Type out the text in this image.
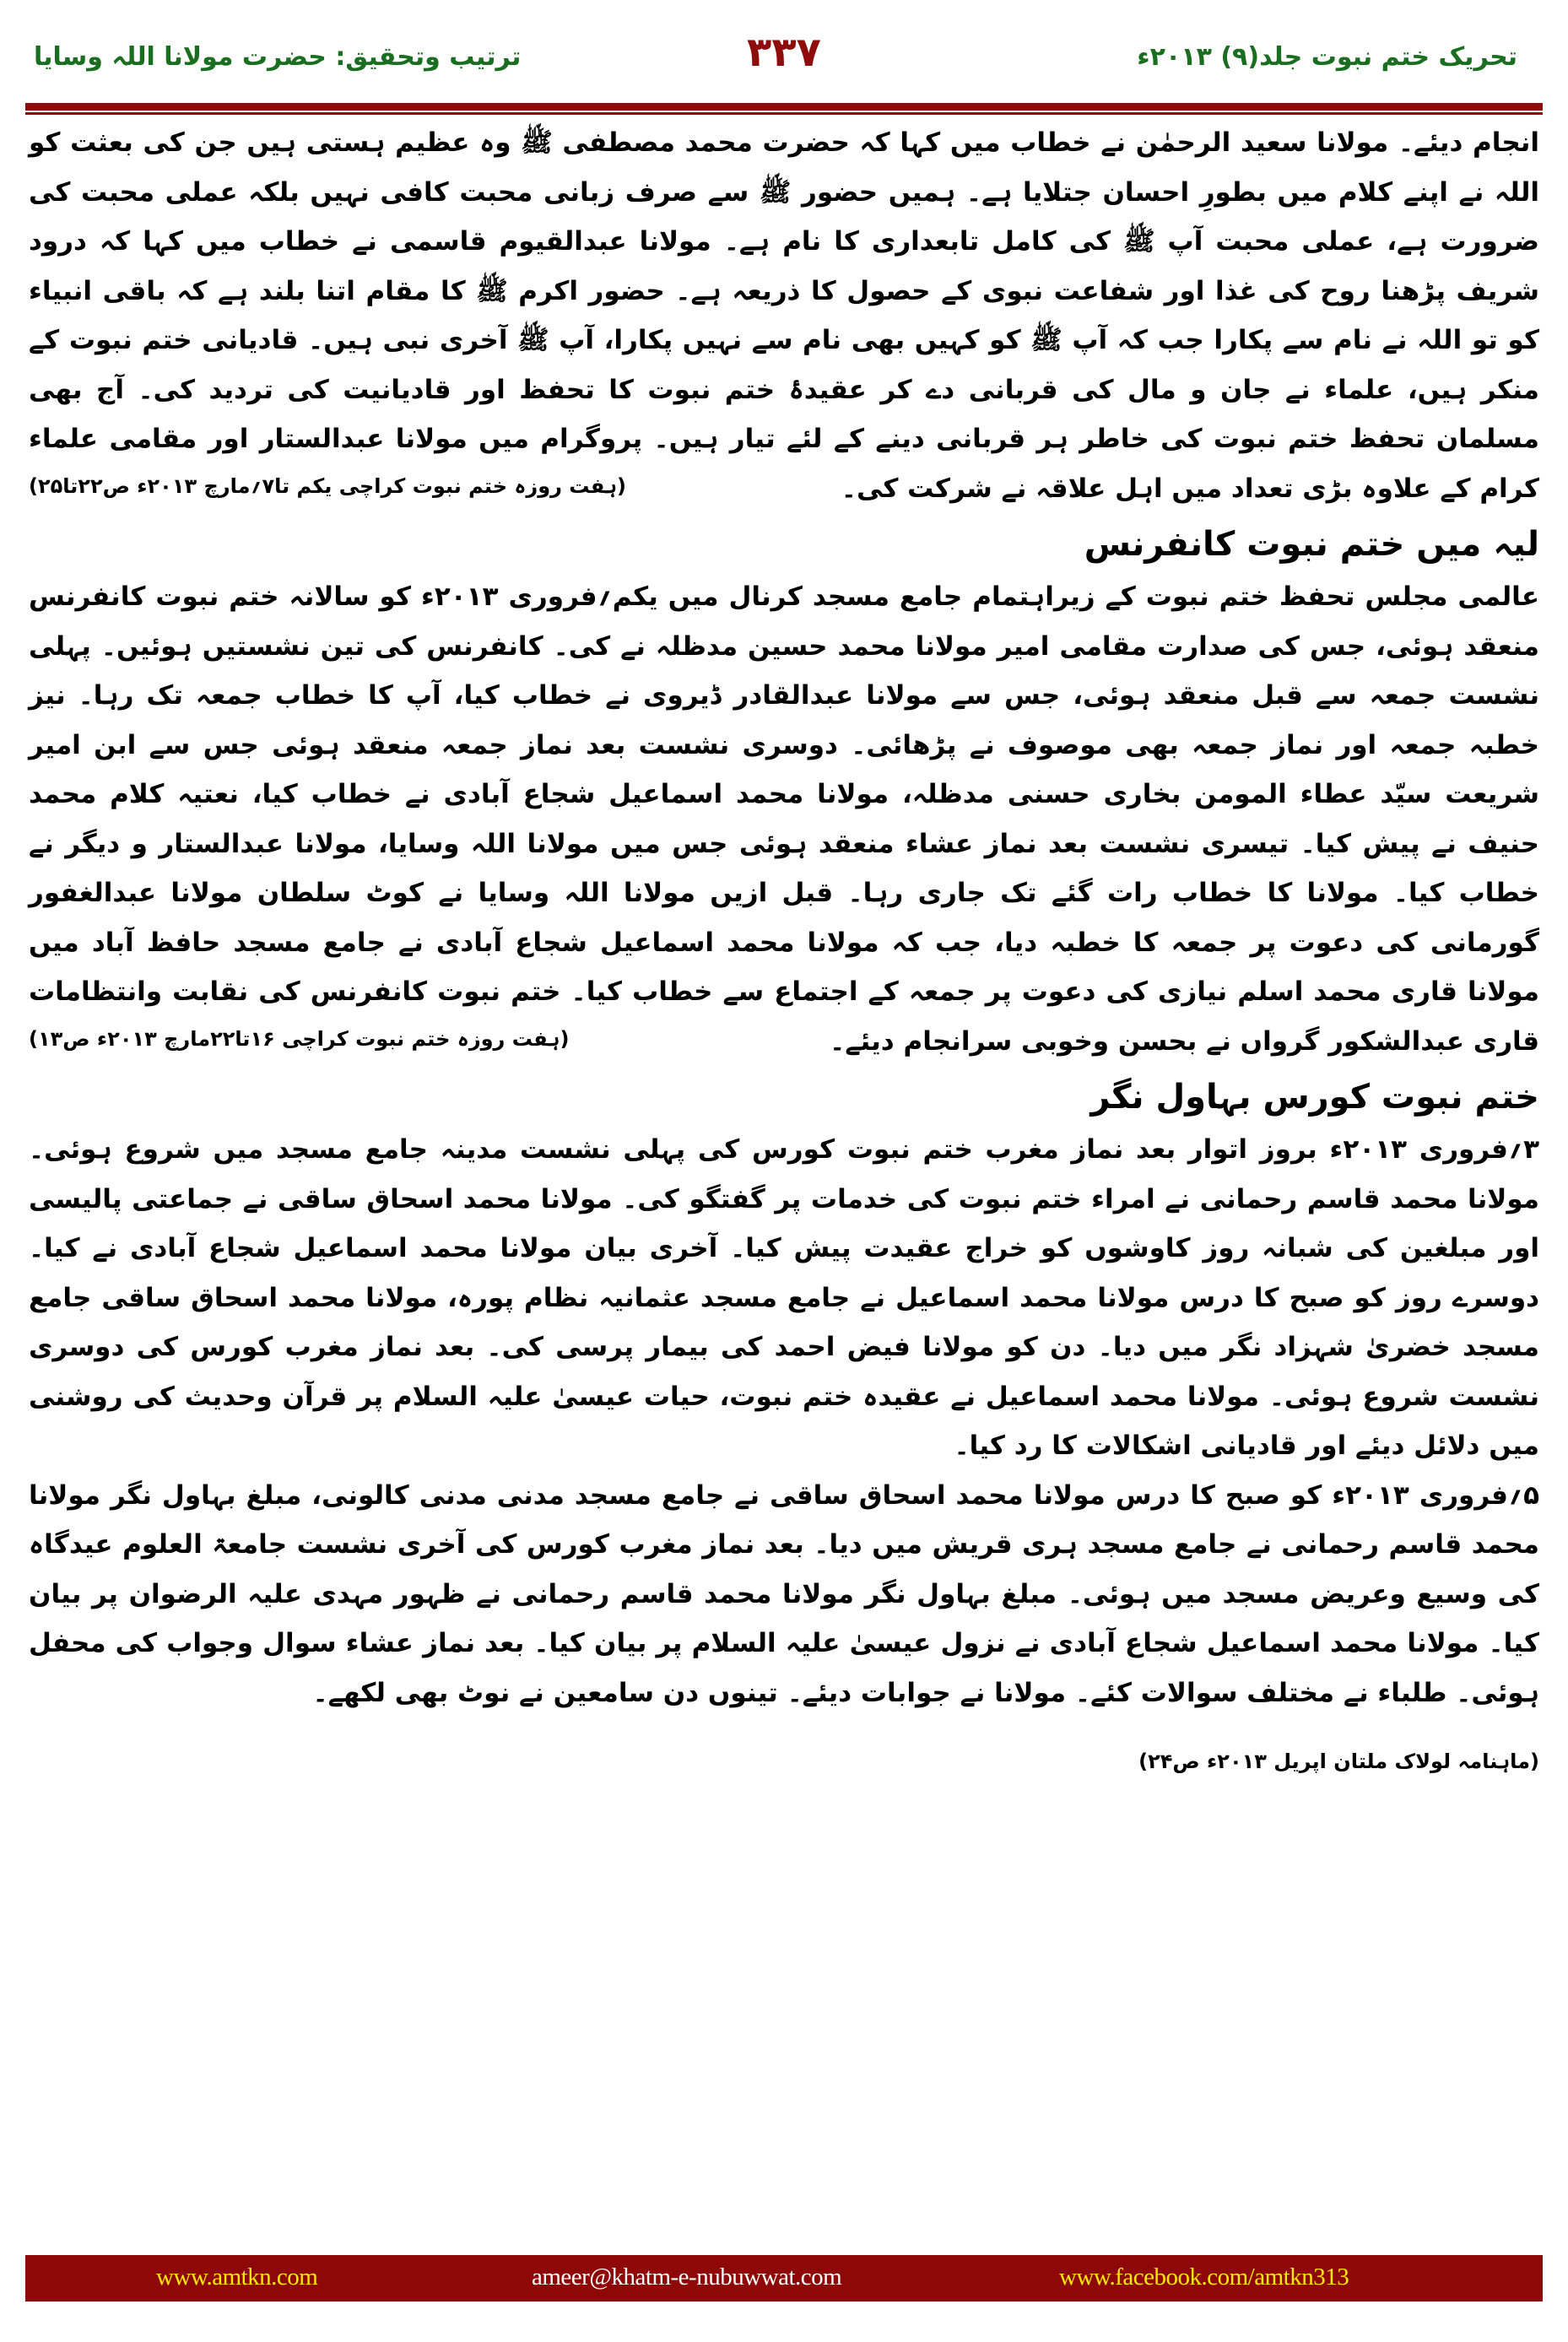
ترتیب وتحقیق: حضرت مولانا اللہ وسایا	۳۳۷	تحریک ختم نبوت جلد(۹) ۲۰۱۳ء

انجام دیئے۔ مولانا سعید الرحمٰن نے خطاب میں کہا کہ حضرت محمد مصطفی ﷺ وہ عظیم ہستی ہیں جن کی بعثت کو اللہ نے اپنے کلام میں بطورِ احسان جتلایا ہے۔ ہمیں حضور ﷺ سے صرف زبانی محبت کافی نہیں بلکہ عملی محبت کی ضرورت ہے، عملی محبت آپ ﷺ کی کامل تابعداری کا نام ہے۔ مولانا عبدالقیوم قاسمی نے خطاب میں کہا کہ درود شریف پڑھنا روح کی غذا اور شفاعت نبوی کے حصول کا ذریعہ ہے۔ حضور اکرم ﷺ کا مقام اتنا بلند ہے کہ باقی انبیاء کو تو اللہ نے نام سے پکارا جب کہ آپ ﷺ کو کہیں بھی نام سے نہیں پکارا، آپ ﷺ آخری نبی ہیں۔ قادیانی ختم نبوت کے منکر ہیں، علماء نے جان و مال کی قربانی دے کر عقیدۂ ختم نبوت کا تحفظ اور قادیانیت کی تردید کی۔ آج بھی مسلمان تحفظ ختم نبوت کی خاطر ہر قربانی دینے کے لئے تیار ہیں۔ پروگرام میں مولانا عبدالستار اور مقامی علماء کرام کے علاوہ بڑی تعداد میں اہل علاقہ نے شرکت کی۔

(ہفت روزہ ختم نبوت کراچی یکم تا۷؍مارچ ۲۰۱۳ء ص۲۲تا۲۵)
لیہ میں ختم نبوت کانفرنس

عالمی مجلس تحفظ ختم نبوت کے زیراہتمام جامع مسجد کرنال میں یکم؍فروری ۲۰۱۳ء کو سالانہ ختم نبوت کانفرنس منعقد ہوئی، جس کی صدارت مقامی امیر مولانا محمد حسین مدظلہ نے کی۔ کانفرنس کی تین نشستیں ہوئیں۔ پہلی نشست جمعہ سے قبل منعقد ہوئی، جس سے مولانا عبدالقادر ڈیروی نے خطاب کیا، آپ کا خطاب جمعہ تک رہا۔ نیز خطبہ جمعہ اور نماز جمعہ بھی موصوف نے پڑھائی۔ دوسری نشست بعد نماز جمعہ منعقد ہوئی جس سے ابن امیر شریعت سیّد عطاء المومن بخاری حسنی مدظلہ، مولانا محمد اسماعیل شجاع آبادی نے خطاب کیا، نعتیہ کلام محمد حنیف نے پیش کیا۔ تیسری نشست بعد نماز عشاء منعقد ہوئی جس میں مولانا اللہ وسایا، مولانا عبدالستار و دیگر نے خطاب کیا۔ مولانا کا خطاب رات گئے تک جاری رہا۔ قبل ازیں مولانا اللہ وسایا نے کوٹ سلطان مولانا عبدالغفور گورمانی کی دعوت پر جمعہ کا خطبہ دیا، جب کہ مولانا محمد اسماعیل شجاع آبادی نے جامع مسجد حافظ آباد میں مولانا قاری محمد اسلم نیازی کی دعوت پر جمعہ کے اجتماع سے خطاب کیا۔ ختم نبوت کانفرنس کی نقابت وانتظامات قاری عبدالشکور گرواں نے بحسن وخوبی سرانجام دیئے۔

(ہفت روزہ ختم نبوت کراچی ۱۶تا۲۲مارچ ۲۰۱۳ء ص۱۳)
ختم نبوت کورس بہاول نگر

۳؍فروری ۲۰۱۳ء بروز اتوار بعد نماز مغرب ختم نبوت کورس کی پہلی نشست مدینہ جامع مسجد میں شروع ہوئی۔ مولانا محمد قاسم رحمانی نے امراء ختم نبوت کی خدمات پر گفتگو کی۔ مولانا محمد اسحاق ساقی نے جماعتی پالیسی اور مبلغین کی شبانہ روز کاوشوں کو خراج عقیدت پیش کیا۔ آخری بیان مولانا محمد اسماعیل شجاع آبادی نے کیا۔ دوسرے روز کو صبح کا درس مولانا محمد اسماعیل نے جامع مسجد عثمانیہ نظام پورہ، مولانا محمد اسحاق ساقی جامع مسجد خضریٰ شہزاد نگر میں دیا۔ دن کو مولانا فیض احمد کی بیمار پرسی کی۔ بعد نماز مغرب کورس کی دوسری نشست شروع ہوئی۔ مولانا محمد اسماعیل نے عقیدہ ختم نبوت، حیات عیسیٰ علیہ السلام پر قرآن وحدیث کی روشنی میں دلائل دیئے اور قادیانی اشکالات کا رد کیا۔

۵؍فروری ۲۰۱۳ء کو صبح کا درس مولانا محمد اسحاق ساقی نے جامع مسجد مدنی مدنی کالونی، مبلغ بہاول نگر مولانا محمد قاسم رحمانی نے جامع مسجد ہری قریش میں دیا۔ بعد نماز مغرب کورس کی آخری نشست جامعۃ العلوم عیدگاہ کی وسیع وعریض مسجد میں ہوئی۔ مبلغ بہاول نگر مولانا محمد قاسم رحمانی نے ظہور مہدی علیہ الرضوان پر بیان کیا۔ مولانا محمد اسماعیل شجاع آبادی نے نزول عیسیٰ علیہ السلام پر بیان کیا۔ بعد نماز عشاء سوال وجواب کی محفل ہوئی۔ طلباء نے مختلف سوالات کئے۔ مولانا نے جوابات دیئے۔ تینوں دن سامعین نے نوٹ بھی لکھے۔

(ماہنامہ لولاک ملتان اپریل ۲۰۱۳ء ص۲۴)
www.amtkn.com	ameer@khatm-e-nubuwwat.com	www.facebook.com/amtkn313
